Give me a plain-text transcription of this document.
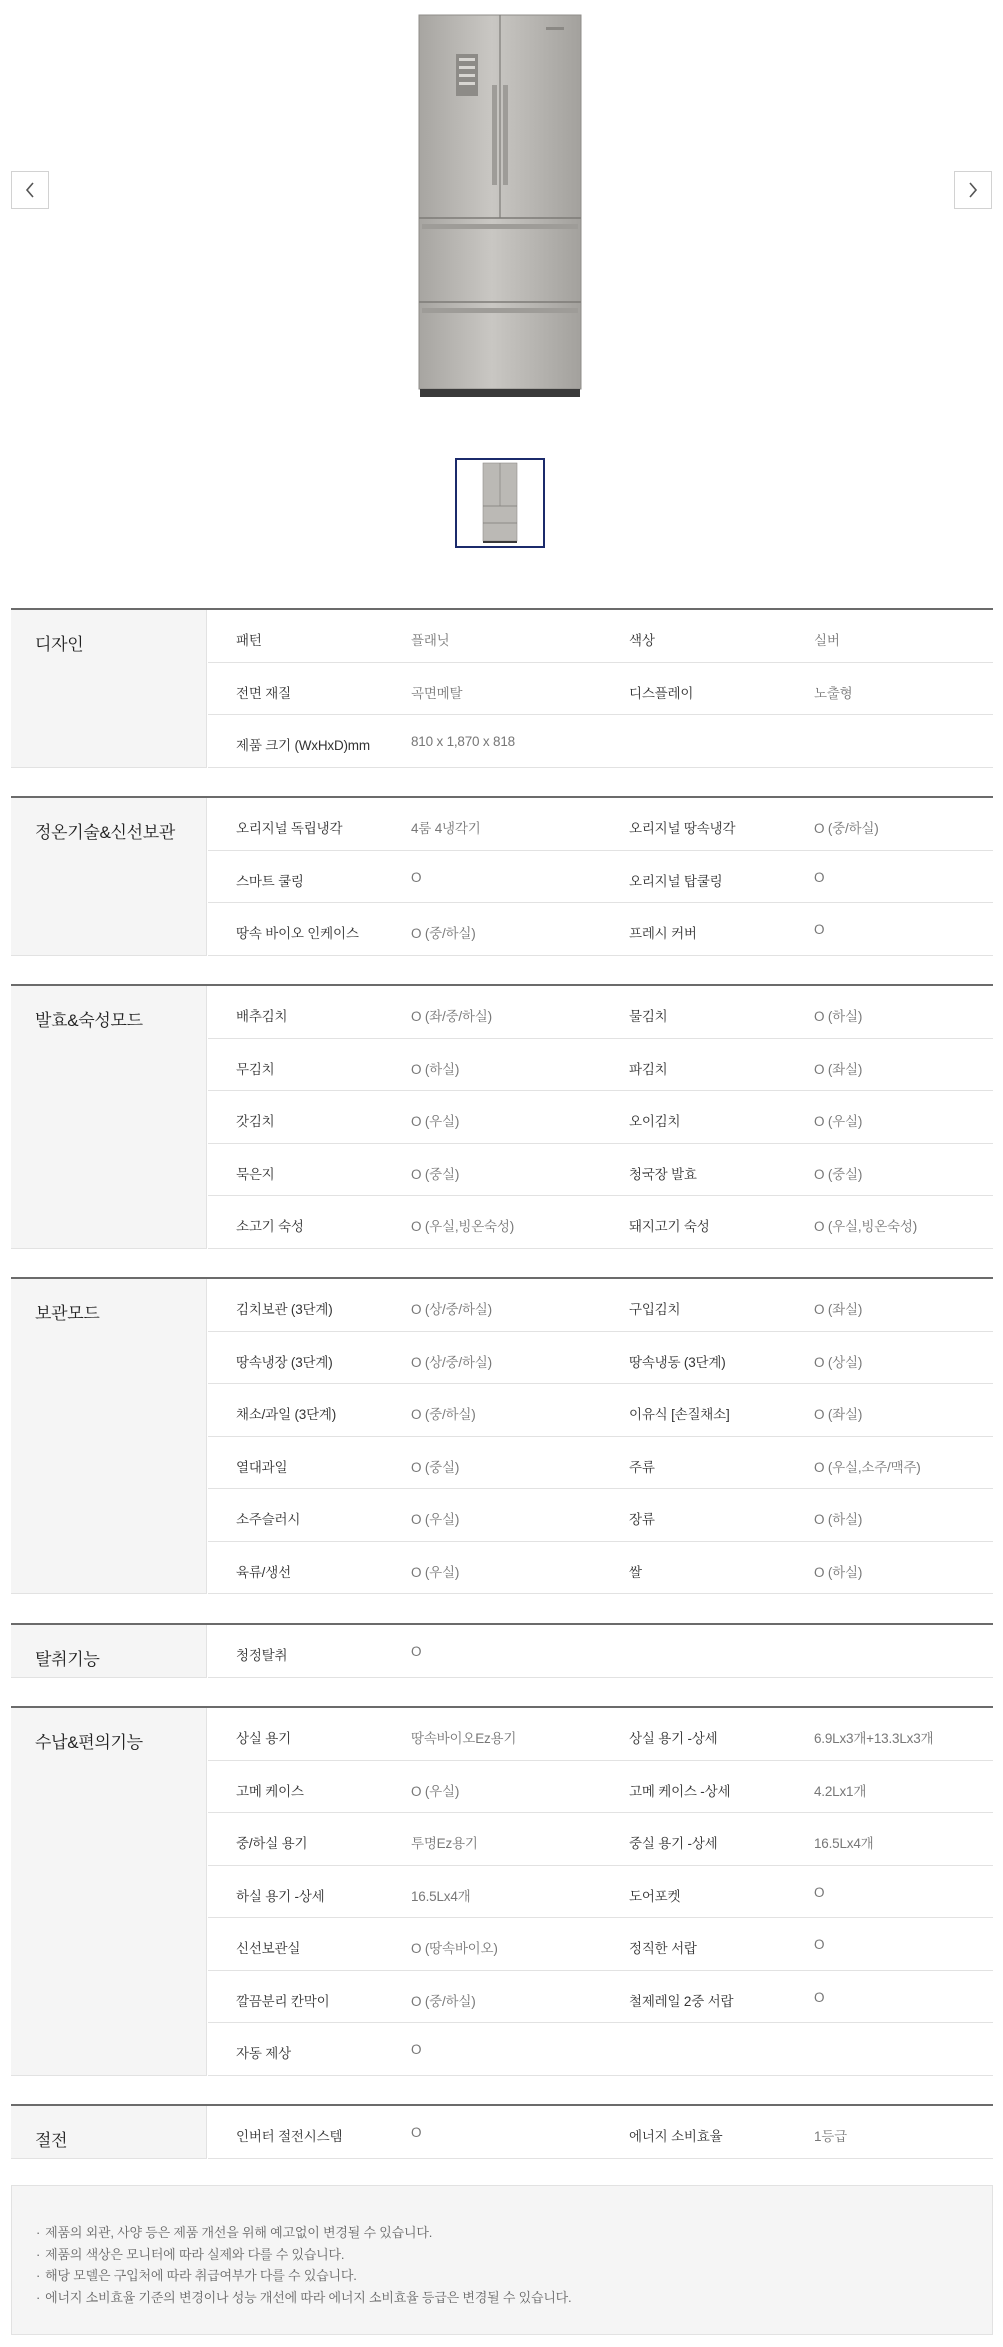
디자인	패턴	플래닛	색상	실버
전면 재질	곡면메탈	디스플레이	노출형
제품 크기 (WxHxD)mm	810 x 1,870 x 818
정온기술&신선보관	오리지널 독립냉각	4룸 4냉각기	오리지널 땅속냉각	O (중/하실)
스마트 쿨링	O	오리지널 탑쿨링	O
땅속 바이오 인케이스	O (중/하실)	프레시 커버	O
발효&숙성모드	배추김치	O (좌/중/하실)	물김치	O (하실)
무김치	O (하실)	파김치	O (좌실)
갓김치	O (우실)	오이김치	O (우실)
묵은지	O (중실)	청국장 발효	O (중실)
소고기 숙성	O (우실,빙온숙성)	돼지고기 숙성	O (우실,빙온숙성)
보관모드	김치보관 (3단계)	O (상/중/하실)	구입김치	O (좌실)
땅속냉장 (3단계)	O (상/중/하실)	땅속냉동 (3단계)	O (상실)
채소/과일 (3단계)	O (중/하실)	이유식 [손질채소]	O (좌실)
열대과일	O (중실)	주류	O (우실,소주/맥주)
소주슬러시	O (우실)	장류	O (하실)
육류/생선	O (우실)	쌀	O (하실)
탈취기능	청정탈취	O
수납&편의기능	상실 용기	땅속바이오Ez용기	상실 용기 -상세	6.9Lx3개+13.3Lx3개
고메 케이스	O (우실)	고메 케이스 -상세	4.2Lx1개
중/하실 용기	투명Ez용기	중실 용기 -상세	16.5Lx4개
하실 용기 -상세	16.5Lx4개	도어포켓	O
신선보관실	O (땅속바이오)	정직한 서랍	O
깔끔분리 칸막이	O (중/하실)	철제레일 2중 서랍	O
자동 제상	O
절전	인버터 절전시스템	O	에너지 소비효율	1등급
· 제품의 외관, 사양 등은 제품 개선을 위해 예고없이 변경될 수 있습니다.
· 제품의 색상은 모니터에 따라 실제와 다를 수 있습니다.
· 해당 모델은 구입처에 따라 취급여부가 다를 수 있습니다.
· 에너지 소비효율 기준의 변경이나 성능 개선에 따라 에너지 소비효율 등급은 변경될 수 있습니다.
